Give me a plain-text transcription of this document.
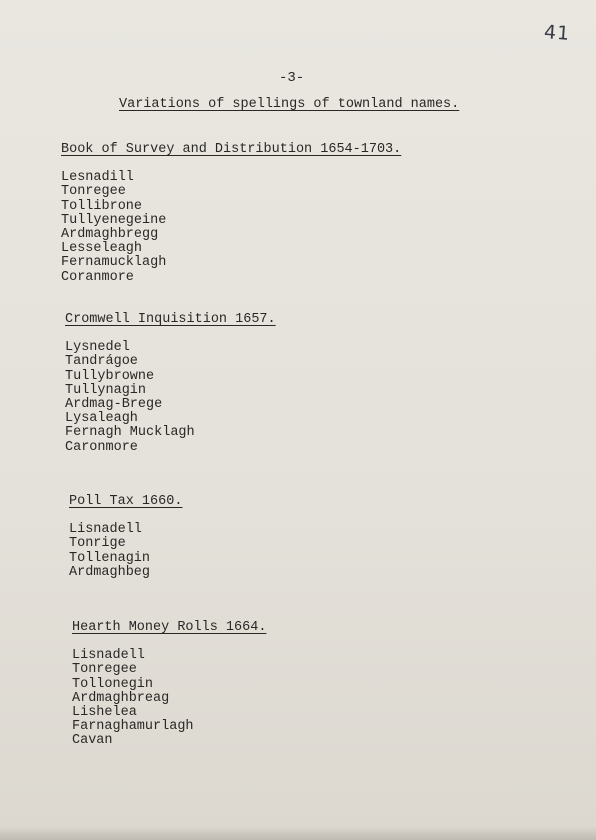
41
-3-
Variations of spellings of townland names.
Book of Survey and Distribution 1654-1703.
Lesnadill
Tonregee
Tollibrone
Tullyenegeine
Ardmaghbregg
Lesseleagh
Fernamucklagh
Coranmore
Cromwell Inquisition 1657.
Lysnedel
Tandrágoe
Tullybrowne
Tullynagin
Ardmag-Brege
Lysaleagh
Fernagh Mucklagh
Caronmore
Poll Tax 1660.
Lisnadell
Tonrige
Tollenagin
Ardmaghbeg
Hearth Money Rolls 1664.
Lisnadell
Tonregee
Tollonegin
Ardmaghbreag
Lishelea
Farnaghamurlagh
Cavan
